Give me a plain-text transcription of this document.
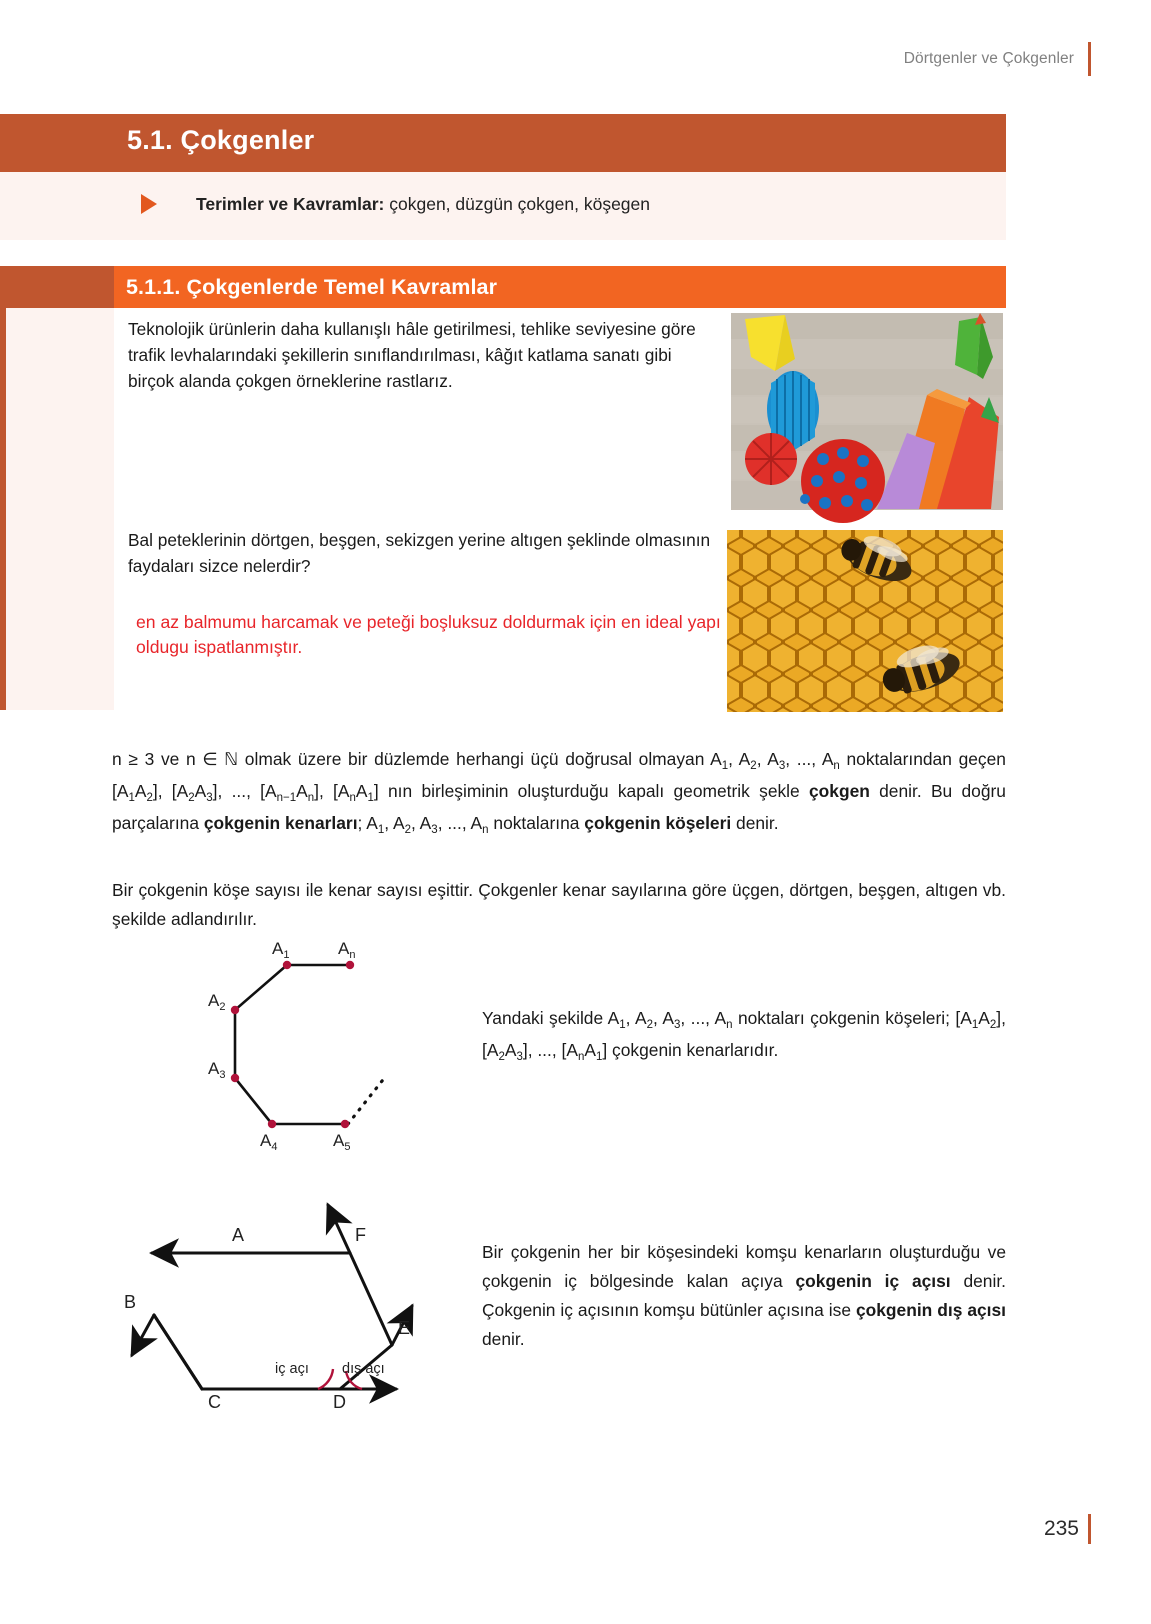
Dörtgenler ve Çokgenler
5.1. Çokgenler
Terimler ve Kavramlar: çokgen, düzgün çokgen, köşegen
5.1.1. Çokgenlerde Temel Kavramlar
Teknolojik ürünlerin daha kullanışlı hâle getirilmesi, tehlike seviyesine göre trafik levhalarındaki şekillerin sınıflandırılması, kâğıt katlama sanatı gibi birçok alanda çokgen örneklerine rastlarız.
Bal peteklerinin dörtgen, beşgen, sekizgen yerine altıgen şeklinde olmasının faydaları sizce nelerdir?
en az balmumu harcamak ve peteği boşluksuz doldurmak için en ideal yapı oldugu ispatlanmıştır.
n ≥ 3 ve n ∈ ℕ olmak üzere bir düzlemde herhangi üçü doğrusal olmayan $A_1$, $A_2$, $A_3$, ..., $A_n$ noktalarından geçen $[A_1A_2]$, $[A_2A_3]$, ..., $[A_{n-1}A_n]$, $[A_nA_1]$ nın birleşiminin oluşturduğu kapalı geometrik şekle çokgen denir. Bu doğru parçalarına çokgenin kenarları; $A_1$, $A_2$, $A_3$, ..., $A_n$ noktalarına çokgenin köşeleri denir.
Bir çokgenin köşe sayısı ile kenar sayısı eşittir. Çokgenler kenar sayılarına göre üçgen, dörtgen, beşgen, altıgen vb. şekilde adlandırılır.
$A_1$	$A_n$
$A_2$
$A_3$
$A_4$	$A_5$
Yandaki şekilde $A_1$, $A_2$, $A_3$, ..., $A_n$ noktaları çokgenin köşeleri; $[A_1A_2]$, $[A_2A_3]$, ..., $[A_nA_1]$ çokgenin kenarlarıdır.
A
B
C	D
E
F
iç açı dış açı
Bir çokgenin her bir köşesindeki komşu kenarların oluşturduğu ve çokgenin iç bölgesinde kalan açıya çokgenin iç açısı denir. Çokgenin iç açısının komşu bütünler açısına ise çokgenin dış açısı denir.
235
